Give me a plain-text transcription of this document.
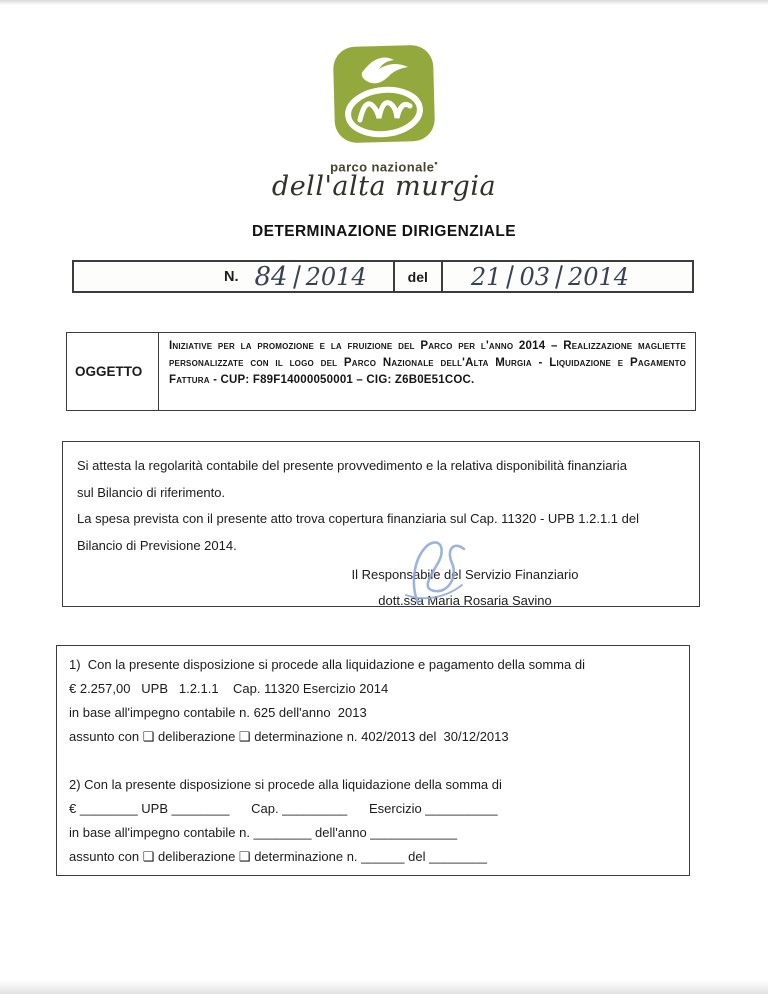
parco nazionale•
dell'alta murgia
DETERMINAZIONE DIRIGENZIALE
N. 84 2014	del 21 03 2014
OGGETTO
Iniziative per la promozione e la fruizione del Parco per l'anno 2014 – Realizzazione magliette personalizzate con il logo del Parco Nazionale dell'Alta Murgia - Liquidazione e Pagamento Fattura - CUP: F89F14000050001 – CIG: Z6B0E51COC.
Si attesta la regolarità contabile del presente provvedimento e la relativa disponibilità finanziaria
sul Bilancio di riferimento.
La spesa prevista con il presente atto trova copertura finanziaria sul Cap. 11320 - UPB 1.2.1.1 del
Bilancio di Previsione 2014.
Il Responsabile del Servizio Finanziario
dott.ssa Maria Rosaria Savino
1)  Con la presente disposizione si procede alla liquidazione e pagamento della somma di
€ 2.257,00   UPB   1.2.1.1    Cap. 11320 Esercizio 2014
in base all'impegno contabile n. 625 dell'anno  2013
assunto con ❑ deliberazione ❑ determinazione n. 402/2013 del  30/12/2013
2) Con la presente disposizione si procede alla liquidazione della somma di
€ ________ UPB ________      Cap. _________      Esercizio __________
in base all'impegno contabile n. ________ dell'anno ____________
assunto con ❑ deliberazione ❑ determinazione n. ______ del ________
